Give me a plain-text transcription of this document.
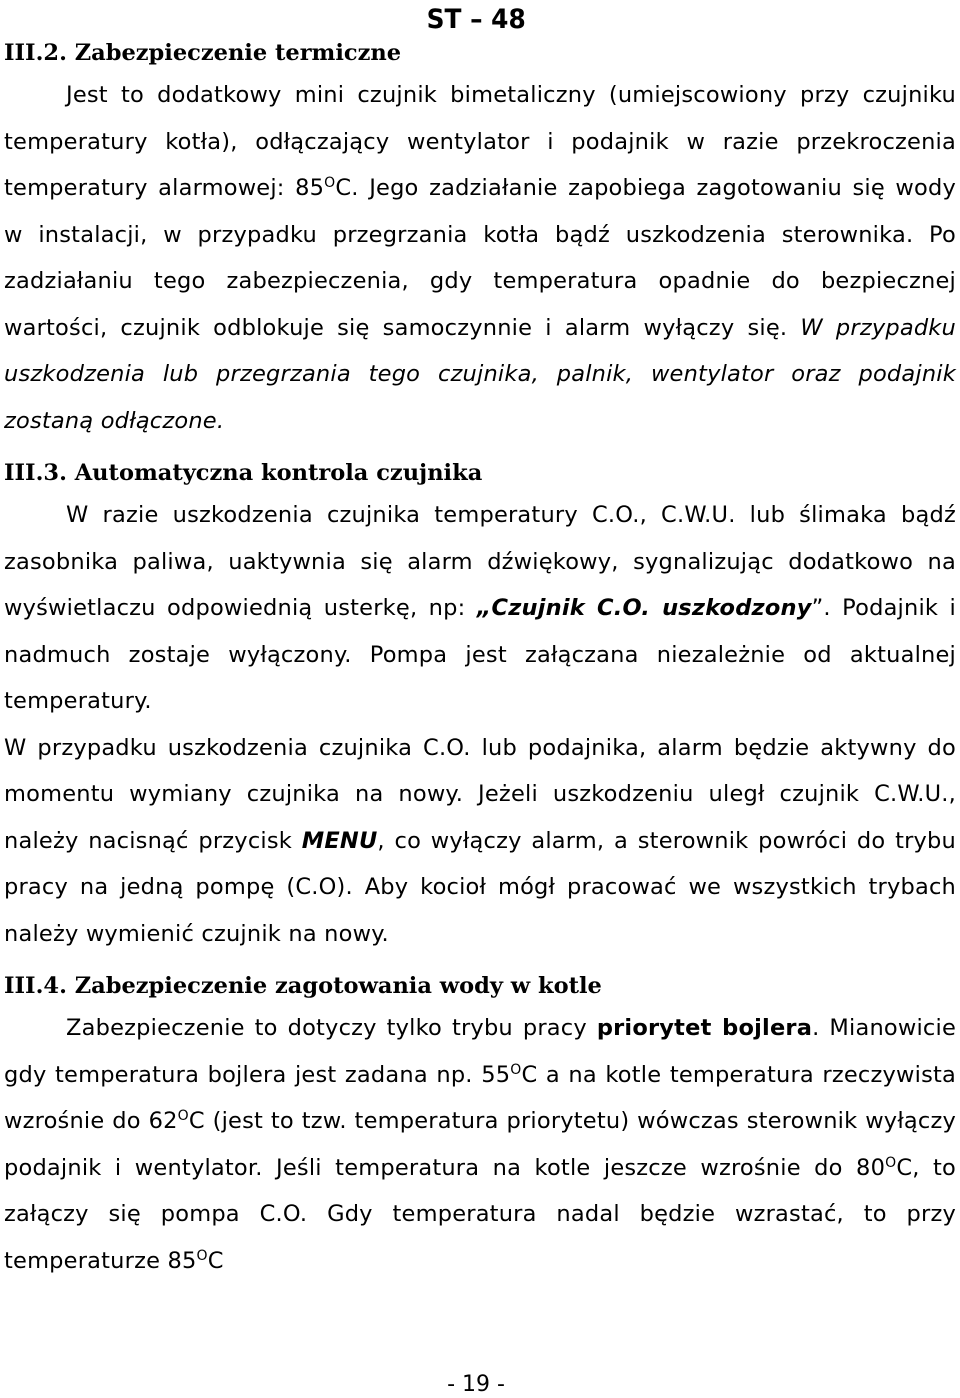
ST – 48
III.2. Zabezpieczenie termiczne

Jest to dodatkowy mini czujnik bimetaliczny (umiejscowiony przy czujniku temperatury kotła), odłączający wentylator i podajnik w razie przekroczenia temperatury alarmowej: $85^OC$. Jego zadziałanie zapobiega zagotowaniu się wody w instalacji, w przypadku przegrzania kotła bądź uszkodzenia sterownika. Po zadziałaniu tego zabezpieczenia, gdy temperatura opadnie do bezpiecznej wartości, czujnik odblokuje się samoczynnie i alarm wyłączy się. W przypadku uszkodzenia lub przegrzania tego czujnika, palnik, wentylator oraz podajnik zostaną odłączone.

III.3. Automatyczna kontrola czujnika

W razie uszkodzenia czujnika temperatury C.O., C.W.U. lub ślimaka bądź zasobnika paliwa, uaktywnia się alarm dźwiękowy, sygnalizując dodatkowo na wyświetlaczu odpowiednią usterkę, np: „Czujnik C.O. uszkodzony”. Podajnik i nadmuch zostaje wyłączony. Pompa jest załączana niezależnie od aktualnej temperatury.

W przypadku uszkodzenia czujnika C.O. lub podajnika, alarm będzie aktywny do momentu wymiany czujnika na nowy. Jeżeli uszkodzeniu uległ czujnik C.W.U., należy nacisnąć przycisk MENU, co wyłączy alarm, a sterownik powróci do trybu pracy na jedną pompę (C.O). Aby kocioł mógł pracować we wszystkich trybach należy wymienić czujnik na nowy.

III.4. Zabezpieczenie zagotowania wody w kotle

Zabezpieczenie to dotyczy tylko trybu pracy priorytet bojlera. Mianowicie gdy temperatura bojlera jest zadana np. $55^OC$ a na kotle temperatura rzeczywista wzrośnie do $62^OC$ (jest to tzw. temperatura priorytetu) wówczas sterownik wyłączy podajnik i wentylator. Jeśli temperatura na kotle jeszcze wzrośnie do $80^OC$, to załączy się pompa C.O. Gdy temperatura nadal będzie wzrastać, to przy temperaturze $85^OC$

- 19 -
